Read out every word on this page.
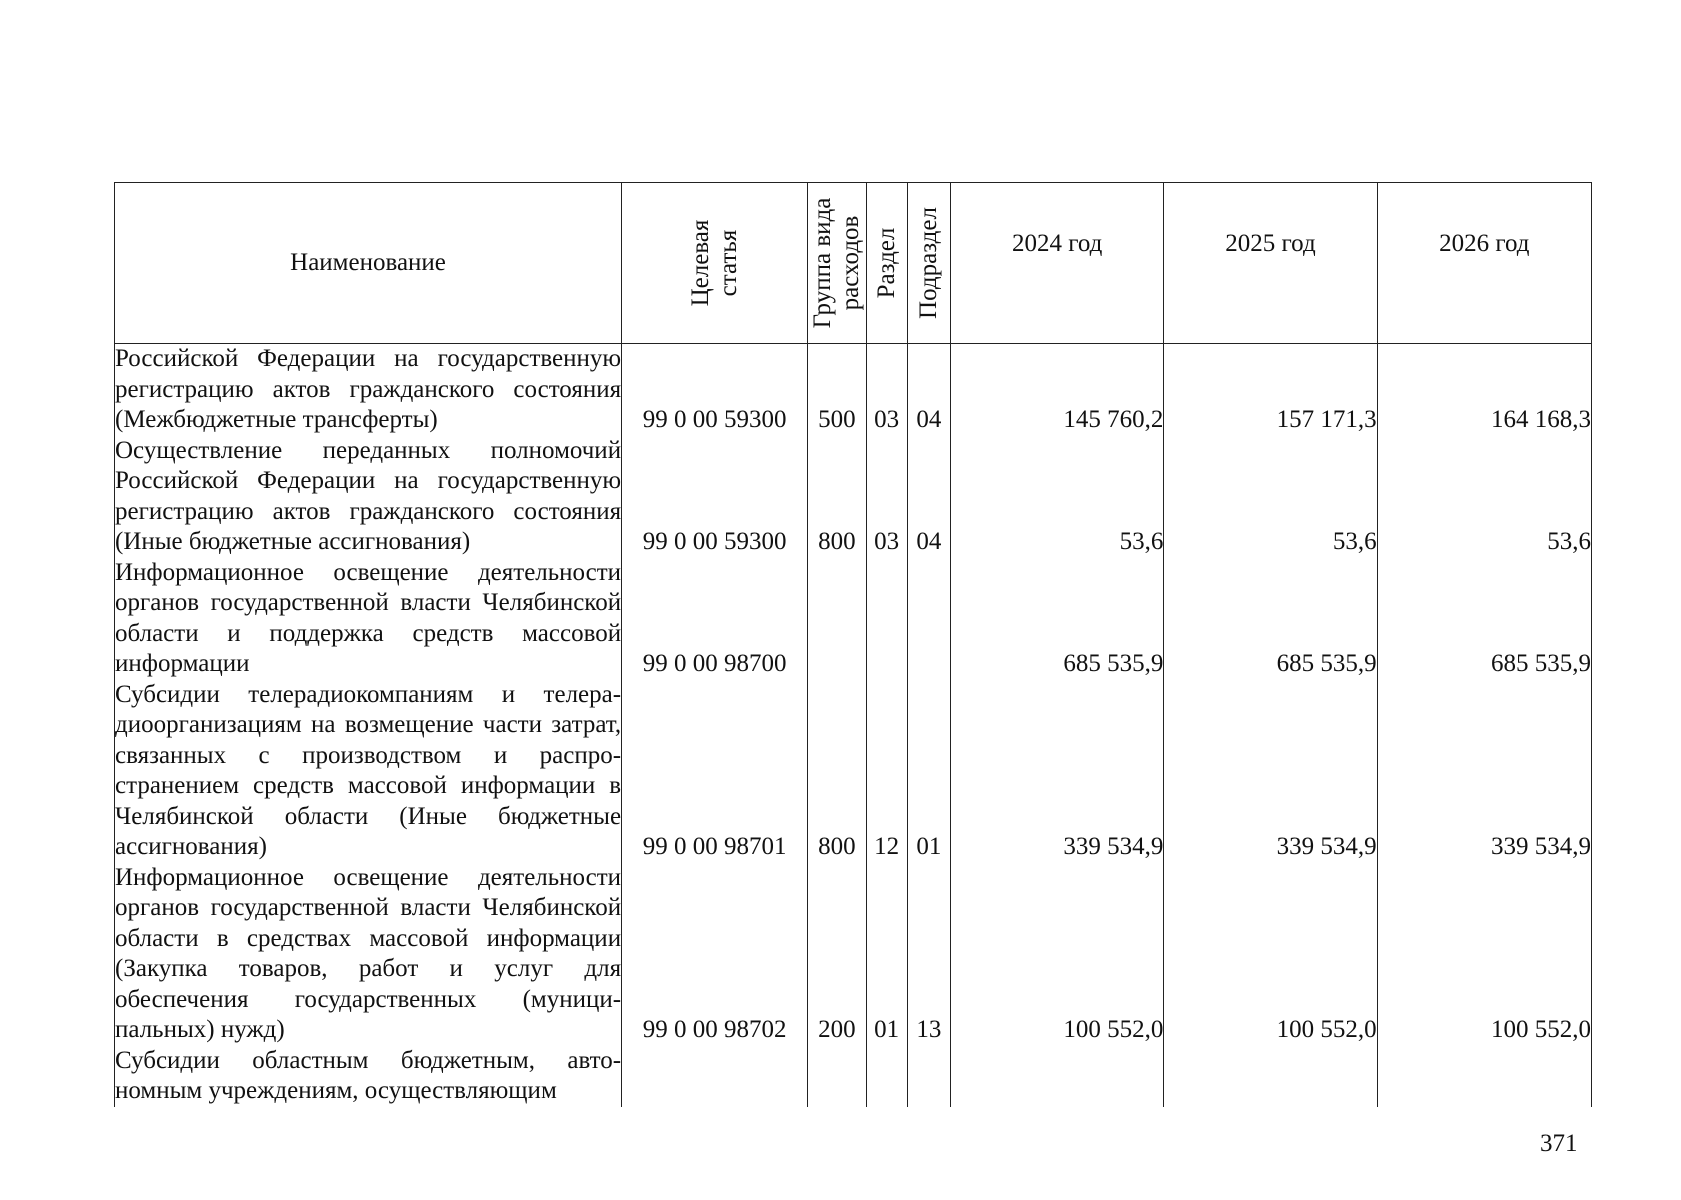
Наименование	Целевая статья	Группа вида расходов	Раздел	Подраздел	2024 год	2025 год	2026 год

Российской Федерации на государственную регистрацию актов гражданского состояния (Межбюджетные трансферты)	99 0 00 59300	500	03	04	145 760,2	157 171,3	164 168,3
Осуществление переданных полномочий Российской Федерации на государственную регистрацию актов гражданского состояния (Иные бюджетные ассигнования)	99 0 00 59300	800	03	04	53,6	53,6	53,6
Информационное освещение деятельности органов государственной власти Челябинской области и поддержка средств массовой информации	99 0 00 98700				685 535,9	685 535,9	685 535,9
Субсидии телерадиокомпаниям и телерадиоорганизациям на возмещение части затрат, связанных с производством и распространением средств массовой информации в Челябинской области (Иные бюджетные ассигнования)	99 0 00 98701	800	12	01	339 534,9	339 534,9	339 534,9
Информационное освещение деятельности органов государственной власти Челябинской области в средствах массовой информации (Закупка товаров, работ и услуг для обеспечения государственных (муниципальных) нужд)	99 0 00 98702	200	01	13	100 552,0	100 552,0	100 552,0
Субсидии областным бюджетным, автономным учреждениям, осуществляющим							
371
